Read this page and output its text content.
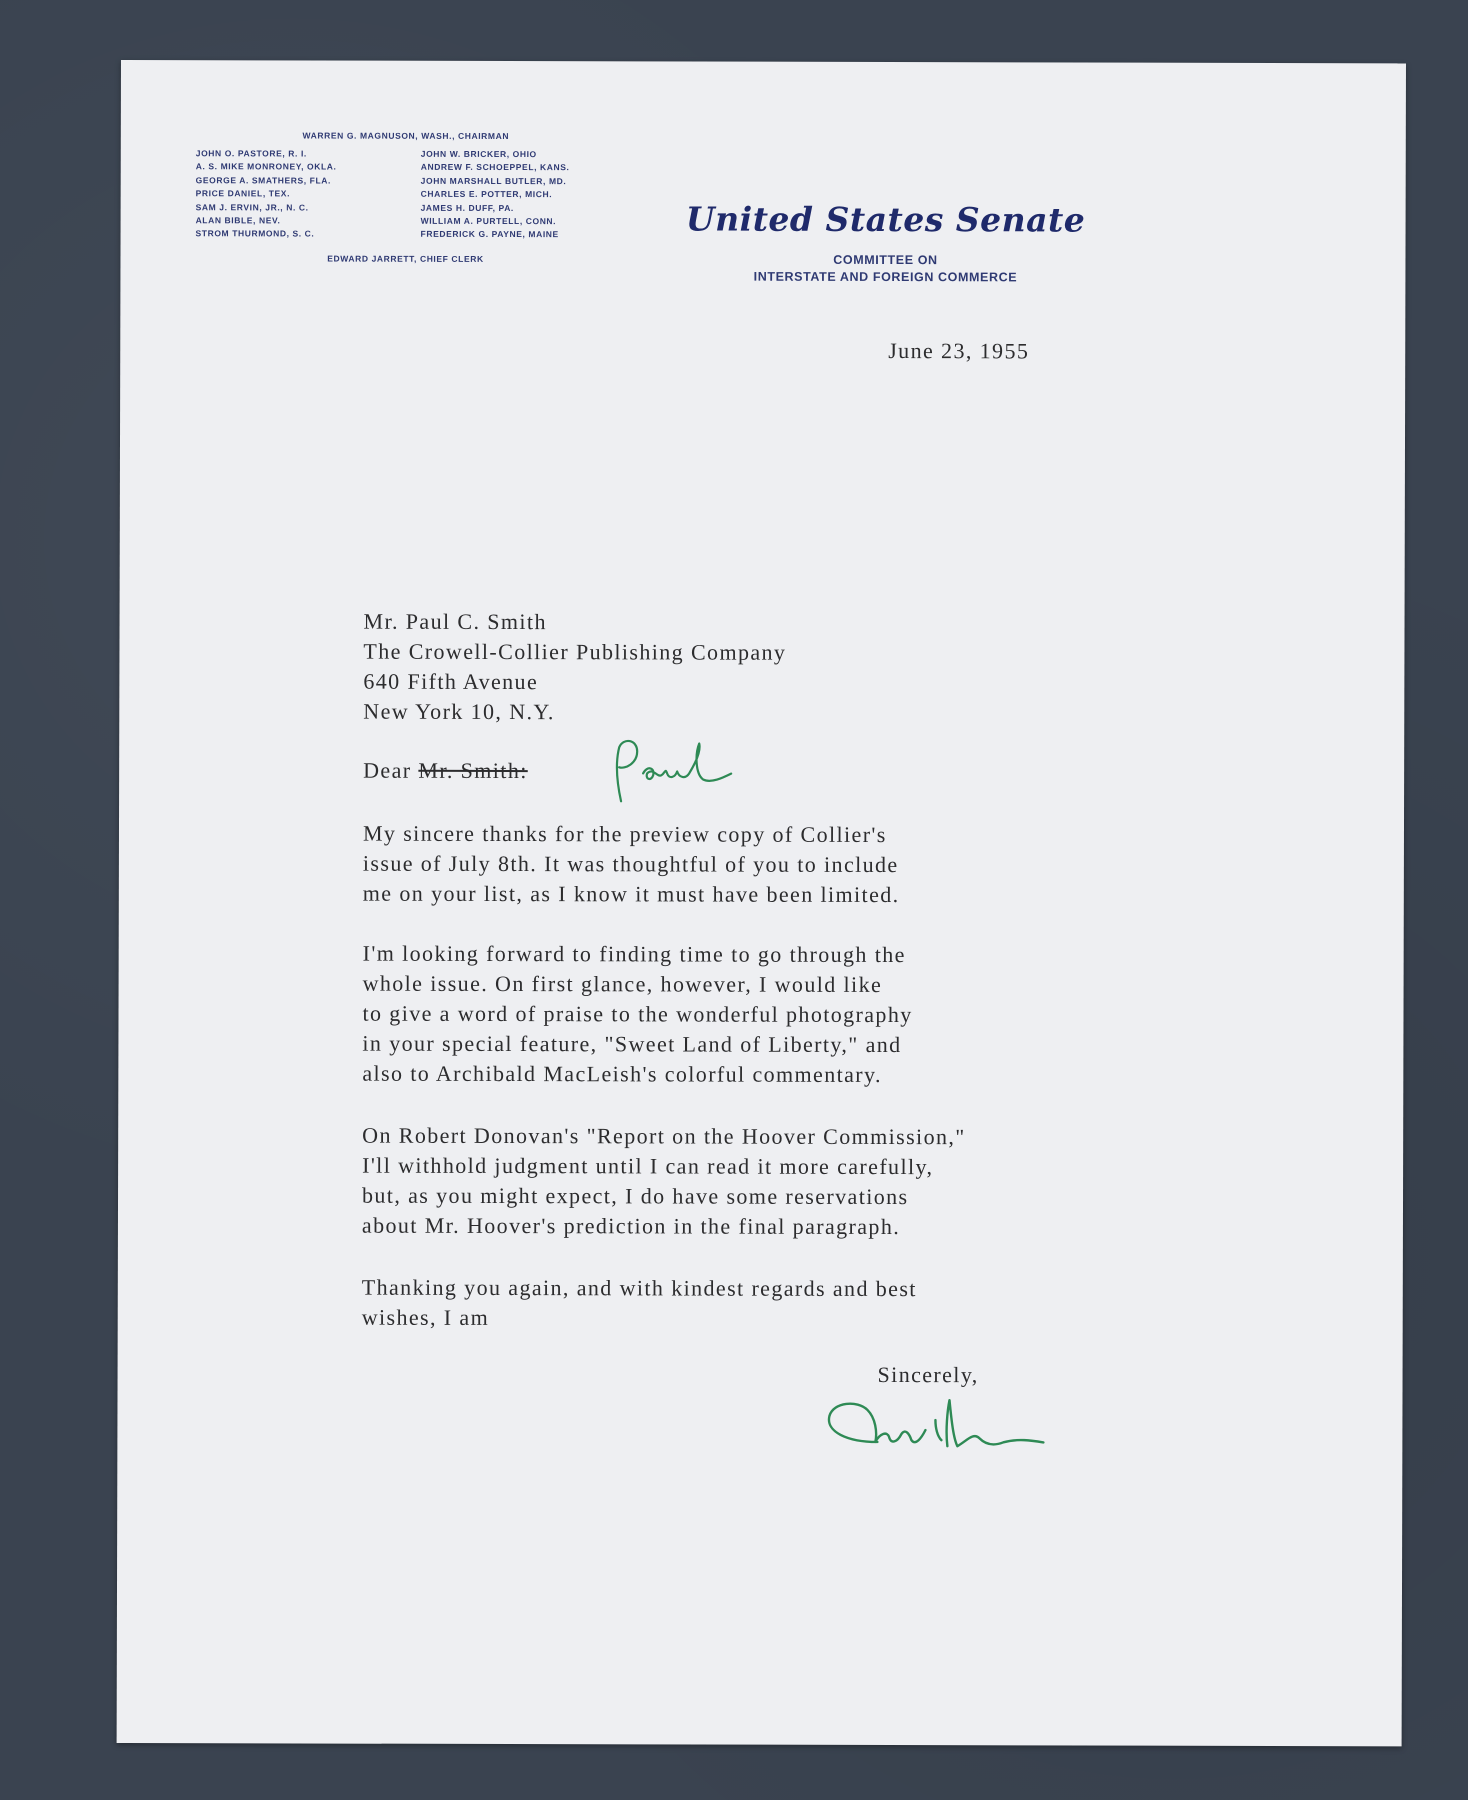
WARREN G. MAGNUSON, WASH., CHAIRMAN
JOHN O. PASTORE, R. I.
A. S. MIKE MONRONEY, OKLA.
GEORGE A. SMATHERS, FLA.
PRICE DANIEL, TEX.
SAM J. ERVIN, JR., N. C.
ALAN BIBLE, NEV.
STROM THURMOND, S. C.
JOHN W. BRICKER, OHIO
ANDREW F. SCHOEPPEL, KANS.
JOHN MARSHALL BUTLER, MD.
CHARLES E. POTTER, MICH.
JAMES H. DUFF, PA.
WILLIAM A. PURTELL, CONN.
FREDERICK G. PAYNE, MAINE
EDWARD JARRETT, CHIEF CLERK
United States Senate
COMMITTEE ON
INTERSTATE AND FOREIGN COMMERCE
June 23, 1955
Mr. Paul C. Smith
The Crowell-Collier Publishing Company
640 Fifth Avenue
New York 10, N.Y.
Dear Mr. Smith:
My sincere thanks for the preview copy of Collier's
issue of July 8th. It was thoughtful of you to include
me on your list, as I know it must have been limited.
I'm looking forward to finding time to go through the
whole issue. On first glance, however, I would like
to give a word of praise to the wonderful photography
in your special feature, "Sweet Land of Liberty," and
also to Archibald MacLeish's colorful commentary.
On Robert Donovan's "Report on the Hoover Commission,"
I'll withhold judgment until I can read it more carefully,
but, as you might expect, I do have some reservations
about Mr. Hoover's prediction in the final paragraph.
Thanking you again, and with kindest regards and best
wishes, I am
Sincerely,
